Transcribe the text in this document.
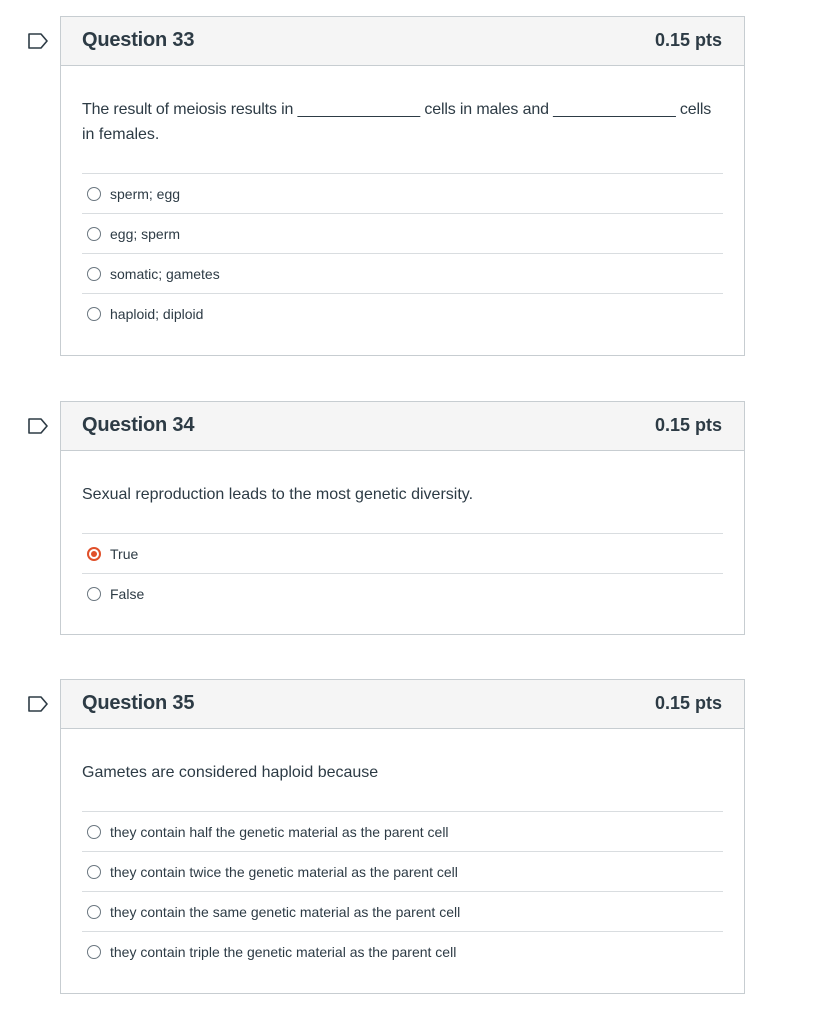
Question 33	0.15 pts
The result of meiosis results in ______________ cells in males and ______________ cells
in females.
sperm; egg
egg; sperm
somatic; gametes
haploid; diploid
Question 34	0.15 pts
Sexual reproduction leads to the most genetic diversity.
True
False
Question 35	0.15 pts
Gametes are considered haploid because
they contain half the genetic material as the parent cell
they contain twice the genetic material as the parent cell
they contain the same genetic material as the parent cell
they contain triple the genetic material as the parent cell
